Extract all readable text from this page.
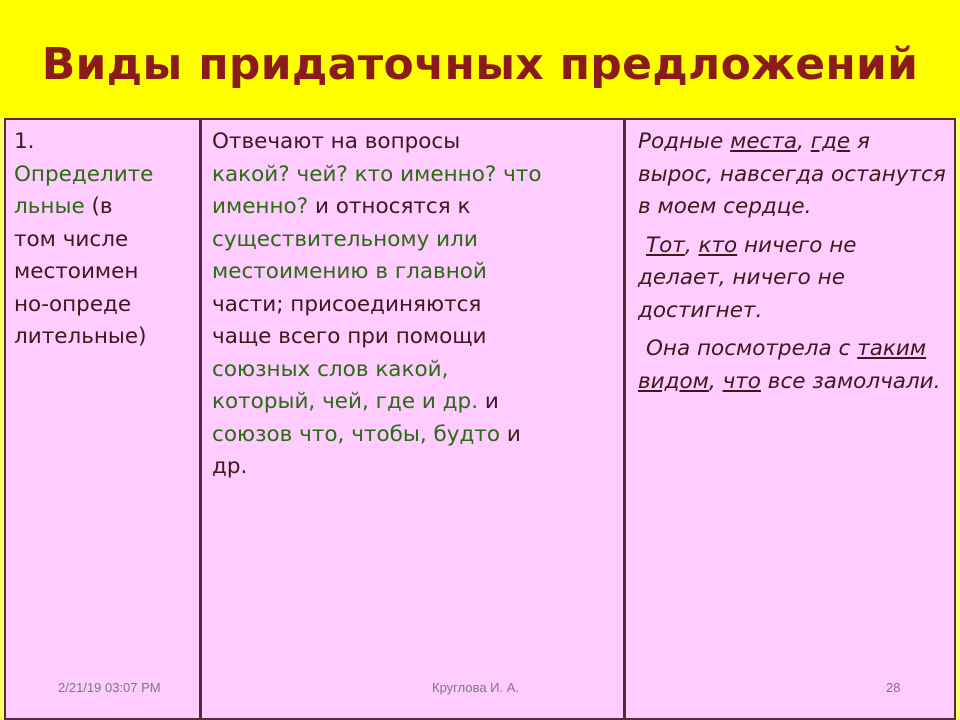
Виды придаточных предложений
1.
Определите
льные (в
том числе
местоимен
но-опреде
лительные)
Отвечают на вопросы
какой? чей? кто именно? что
именно? и относятся к
существительному или
местоимению в главной
части; присоединяются
чаще всего при помощи
союзных слов какой,
который, чей, где и др. и
союзов что, чтобы, будто и
др.
Родные места, где я вырос, навсегда останутся в моем сердце.
Тот, кто ничего не делает, ничего не достигнет.
Она посмотрела с таким видом, что все замолчали.
2/21/19 03:07 PM	Круглова И. А.	28
